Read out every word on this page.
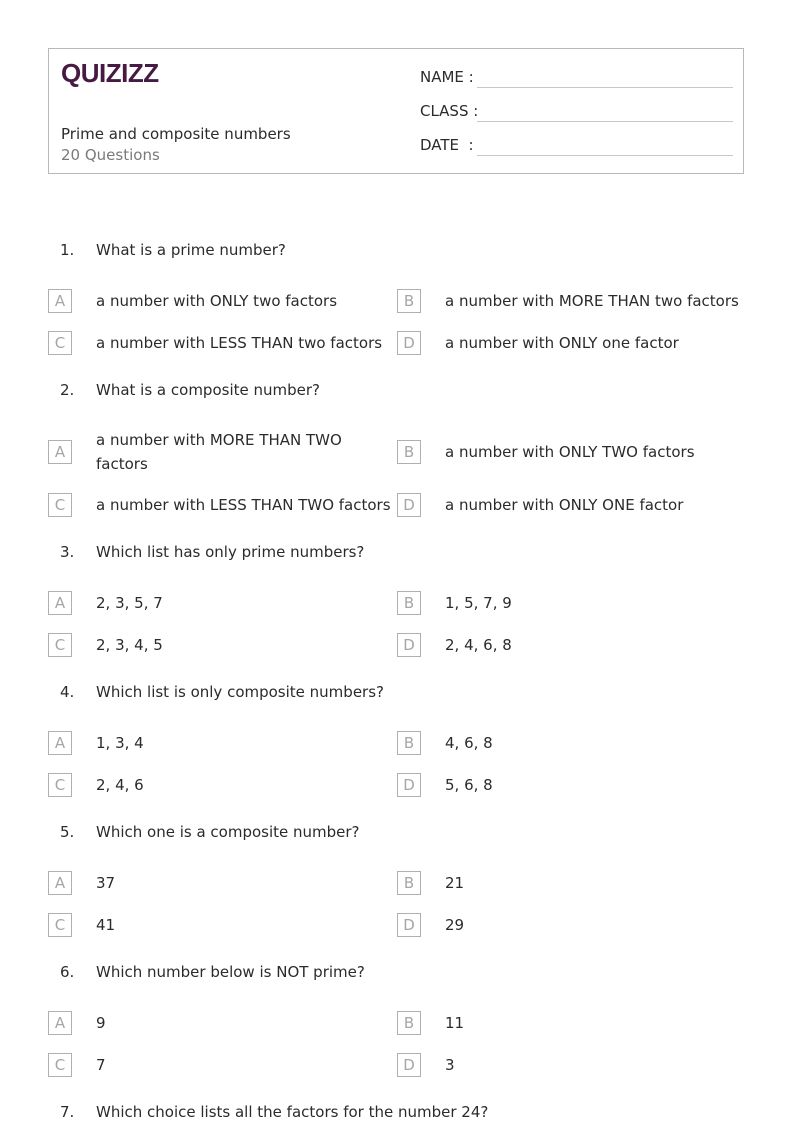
QUIZIZZ
Prime and composite numbers
20 Questions
NAME :
CLASS :
DATE  :
1. What is a prime number?
A	a number with ONLY two factors	B	a number with MORE THAN two factors
C	a number with LESS THAN two factors	D	a number with ONLY one factor
2. What is a composite number?
A
a number with MORE THAN TWO factors
B	a number with ONLY TWO factors
C	a number with LESS THAN TWO factors D	a number with ONLY ONE factor
3. Which list has only prime numbers?
A	2, 3, 5, 7	B	1, 5, 7, 9
C	2, 3, 4, 5	D	2, 4, 6, 8
4. Which list is only composite numbers?
A	1, 3, 4	B	4, 6, 8
C	2, 4, 6	D	5, 6, 8
5. Which one is a composite number?
A	37	B	21
C	41	D	29
6. Which number below is NOT prime?
A	9	B	11
C	7	D	3
7. Which choice lists all the factors for the number 24?
